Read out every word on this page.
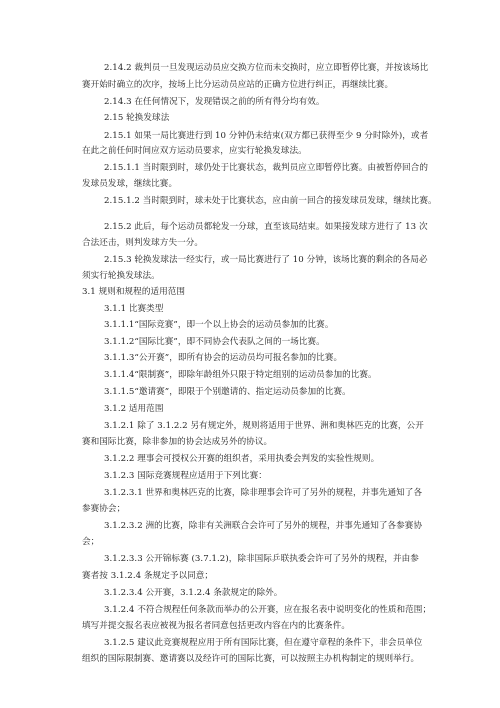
2.14.2 裁判员一旦发现运动员应交换方位而未交换时，应立即暂停比赛，并按该场比
赛开始时确立的次序，按场上比分运动员应站的正确方位进行纠正，再继续比赛。
2.14.3 在任何情况下，发现错误之前的所有得分均有效。
2.15 轮换发球法
2.15.1 如果一局比赛进行到 10 分钟仍未结束(双方都已获得至少 9 分时除外)，或者
在此之前任何时间应双方运动员要求，应实行轮换发球法。
2.15.1.1 当时限到时，球仍处于比赛状态，裁判员应立即暂停比赛。由被暂停回合的
发球员发球，继续比赛。
2.15.1.2 当时限到时，球未处于比赛状态，应由前一回合的接发球员发球，继续比赛。
2.15.2 此后，每个运动员都轮发一分球，直至该局结束。如果接发球方进行了 13 次
合法还击，则判发球方失一分。
2.15.3 轮换发球法一经实行，或一局比赛进行了 10 分钟，该场比赛的剩余的各局必
须实行轮换发球法。
3.1 规则和规程的适用范围
3.1.1 比赛类型
3.1.1.1“国际竞赛”，即一个以上协会的运动员参加的比赛。
3.1.1.2“国际比赛”，即不同协会代表队之间的一场比赛。
3.1.1.3“公开赛”，即所有协会的运动员均可报名参加的比赛。
3.1.1.4“限制赛”，即除年龄组外只限于特定组别的运动员参加的比赛。
3.1.1.5“邀请赛”，即限于个别邀请的、指定运动员参加的比赛。
3.1.2 适用范围
3.1.2.1 除了 3.1.2.2 另有规定外，规则将适用于世界、洲和奥林匹克的比赛，公开
赛和国际比赛，除非参加的协会达成另外的协议。
3.1.2.2 理事会可授权公开赛的组织者，采用执委会判发的实验性规则。
3.1.2.3 国际竞赛规程应适用于下列比赛：
3.1.2.3.1 世界和奥林匹克的比赛，除非理事会许可了另外的规程，并事先通知了各
参赛协会；
3.1.2.3.2 洲的比赛，除非有关洲联合会许可了另外的规程，并事先通知了各参赛协
会；
3.1.2.3.3 公开锦标赛 (3.7.1.2)，除非国际乒联执委会许可了另外的规程，并由参
赛者按 3.1.2.4 条规定予以同意；
3.1.2.3.4 公开赛，3.1.2.4 条款规定的除外。
3.1.2.4 不符合规程任何条款而举办的公开赛，应在报名表中说明变化的性质和范围；
填写并提交报名表应被视为报名者同意包括更改内容在内的比赛条件。
3.1.2.5 建议此竞赛规程应用于所有国际比赛，但在遵守章程的条件下，非会员单位
组织的国际限制赛、邀请赛以及经许可的国际比赛，可以按照主办机构制定的规则举行。
